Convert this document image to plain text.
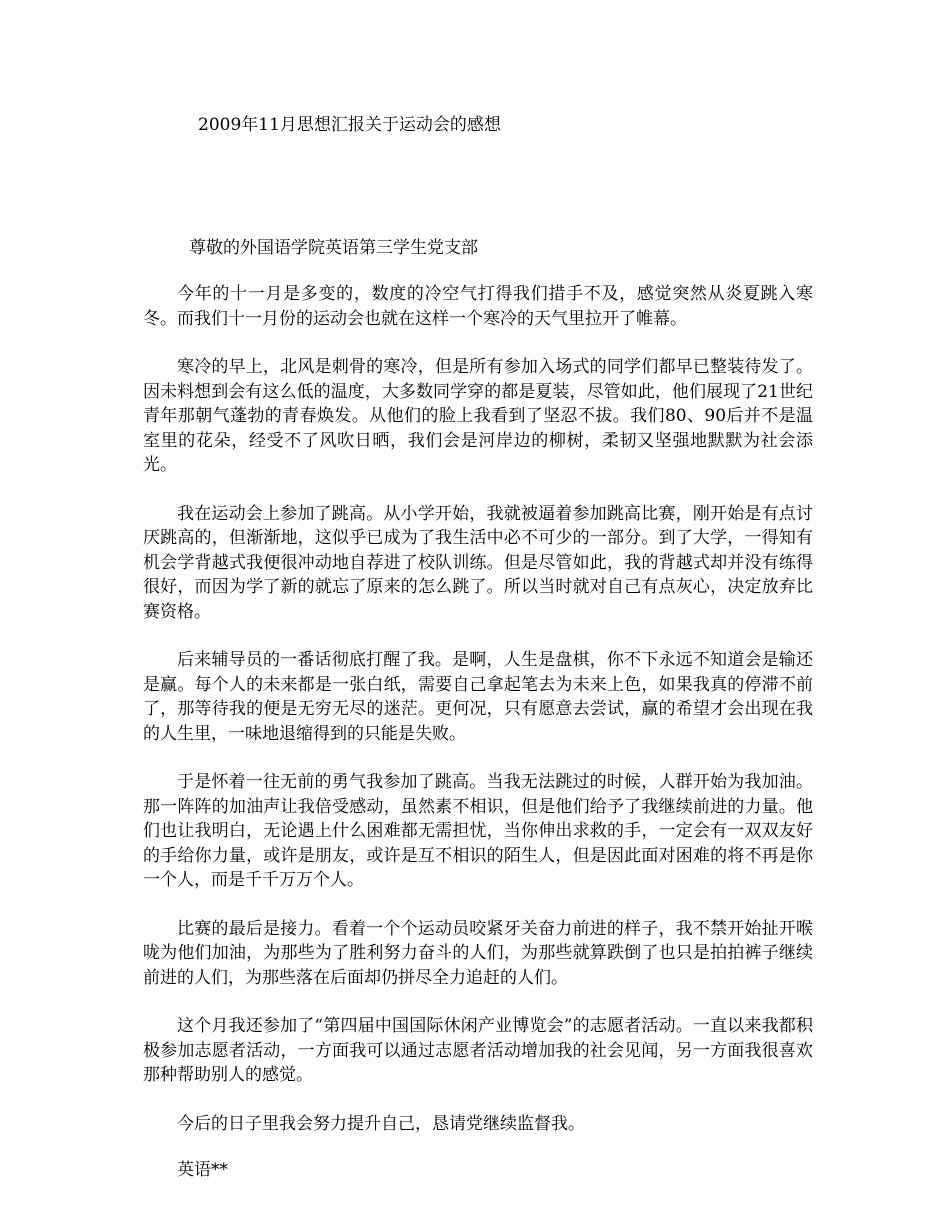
2009年11月思想汇报关于运动会的感想
尊敬的外国语学院英语第三学生党支部

今年的十一月是多变的，数度的冷空气打得我们措手不及，感觉突然从炎夏跳入寒冬。而我们十一月份的运动会也就在这样一个寒冷的天气里拉开了帷幕。

寒冷的早上，北风是刺骨的寒冷，但是所有参加入场式的同学们都早已整装待发了。因未料想到会有这么低的温度，大多数同学穿的都是夏装，尽管如此，他们展现了21世纪青年那朝气蓬勃的青春焕发。从他们的脸上我看到了坚忍不拔。我们80、90后并不是温室里的花朵，经受不了风吹日晒，我们会是河岸边的柳树，柔韧又坚强地默默为社会添光。

我在运动会上参加了跳高。从小学开始，我就被逼着参加跳高比赛，刚开始是有点讨厌跳高的，但渐渐地，这似乎已成为了我生活中必不可少的一部分。到了大学，一得知有机会学背越式我便很冲动地自荐进了校队训练。但是尽管如此，我的背越式却并没有练得很好，而因为学了新的就忘了原来的怎么跳了。所以当时就对自己有点灰心，决定放弃比赛资格。

后来辅导员的一番话彻底打醒了我。是啊，人生是盘棋，你不下永远不知道会是输还是赢。每个人的未来都是一张白纸，需要自己拿起笔去为未来上色，如果我真的停滞不前了，那等待我的便是无穷无尽的迷茫。更何况，只有愿意去尝试，赢的希望才会出现在我的人生里，一味地退缩得到的只能是失败。

于是怀着一往无前的勇气我参加了跳高。当我无法跳过的时候，人群开始为我加油。那一阵阵的加油声让我倍受感动，虽然素不相识，但是他们给予了我继续前进的力量。他们也让我明白，无论遇上什么困难都无需担忧，当你伸出求救的手，一定会有一双双友好的手给你力量，或许是朋友，或许是互不相识的陌生人，但是因此面对困难的将不再是你一个人，而是千千万万个人。

比赛的最后是接力。看着一个个运动员咬紧牙关奋力前进的样子，我不禁开始扯开喉咙为他们加油，为那些为了胜利努力奋斗的人们，为那些就算跌倒了也只是拍拍裤子继续前进的人们，为那些落在后面却仍拼尽全力追赶的人们。

这个月我还参加了“第四届中国国际休闲产业博览会”的志愿者活动。一直以来我都积极参加志愿者活动，一方面我可以通过志愿者活动增加我的社会见闻，另一方面我很喜欢那种帮助别人的感觉。

今后的日子里我会努力提升自己，恳请党继续监督我。

英语**
